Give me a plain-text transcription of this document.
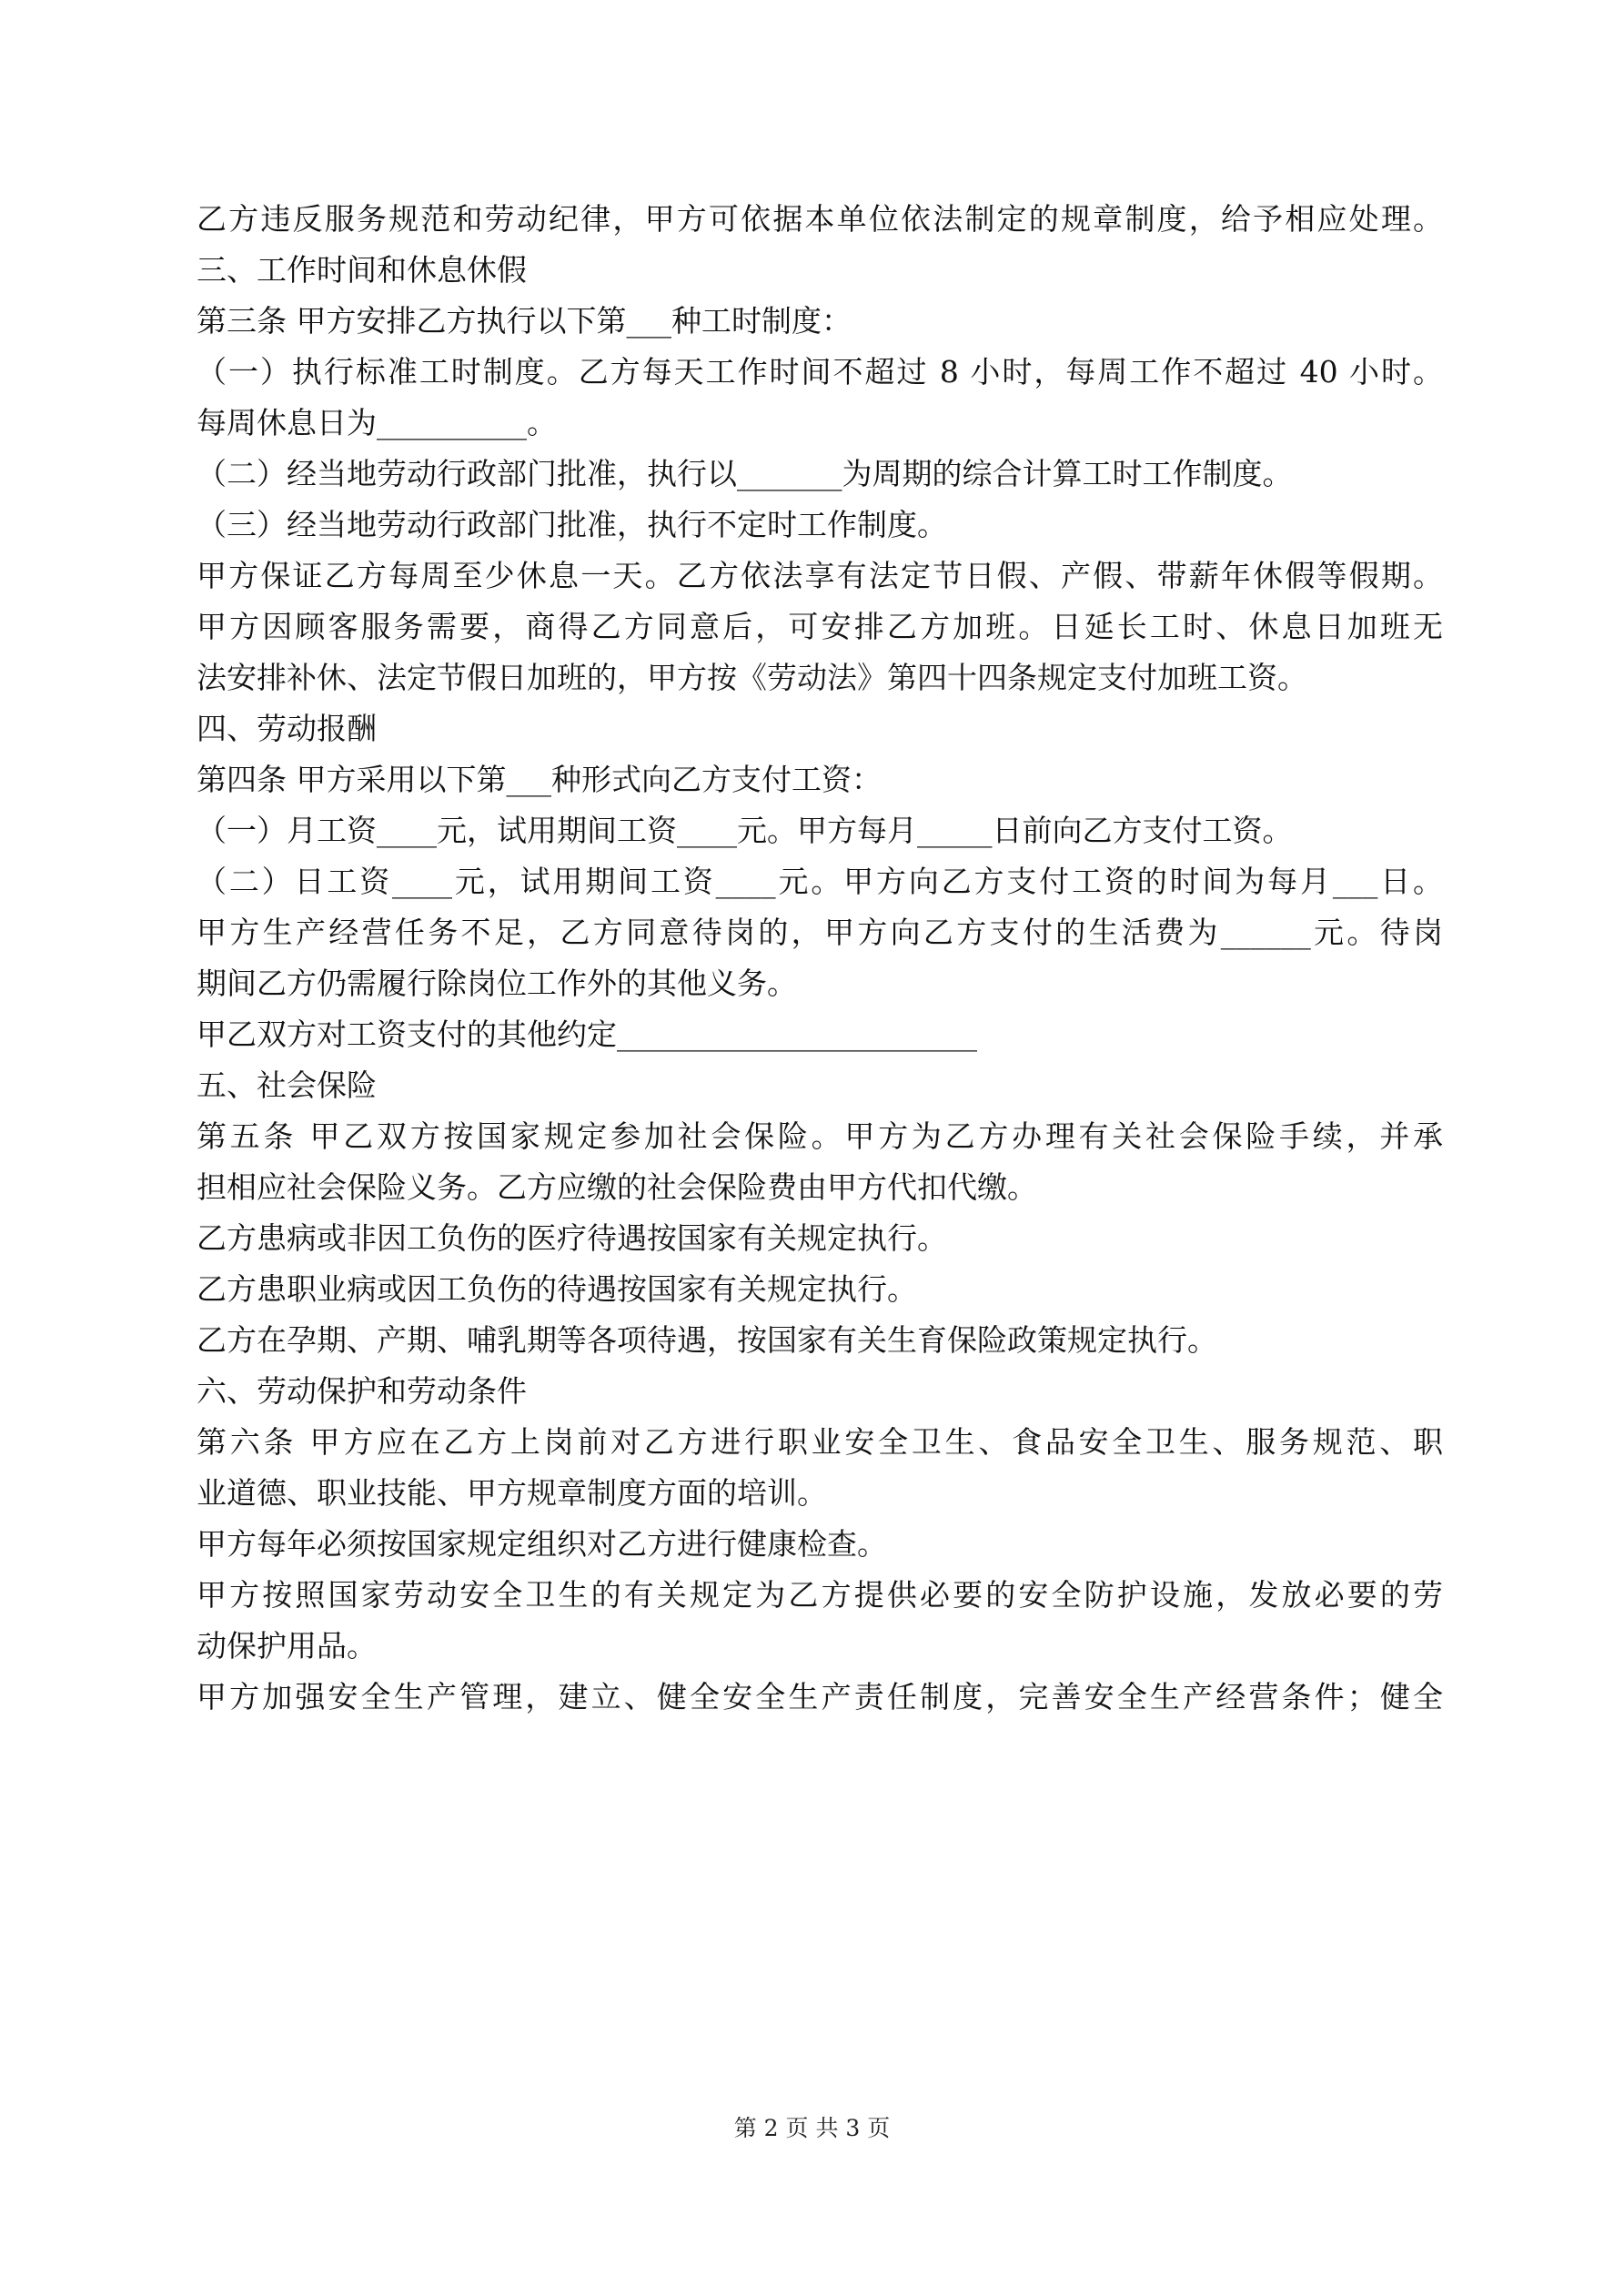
乙方违反服务规范和劳动纪律，甲方可依据本单位依法制定的规章制度，给予相应处理。
三、工作时间和休息休假
第三条 甲方安排乙方执行以下第___种工时制度：
（一）执行标准工时制度。乙方每天工作时间不超过 8 小时，每周工作不超过 40 小时。
每周休息日为__________。
（二）经当地劳动行政部门批准，执行以_______为周期的综合计算工时工作制度。
（三）经当地劳动行政部门批准，执行不定时工作制度。
甲方保证乙方每周至少休息一天。乙方依法享有法定节日假、产假、带薪年休假等假期。
甲方因顾客服务需要，商得乙方同意后，可安排乙方加班。日延长工时、休息日加班无
法安排补休、法定节假日加班的，甲方按《劳动法》第四十四条规定支付加班工资。
四、劳动报酬
第四条 甲方采用以下第___种形式向乙方支付工资：
（一）月工资____元，试用期间工资____元。甲方每月_____日前向乙方支付工资。
（二）日工资____元，试用期间工资____元。甲方向乙方支付工资的时间为每月___日。
甲方生产经营任务不足，乙方同意待岗的，甲方向乙方支付的生活费为______元。待岗
期间乙方仍需履行除岗位工作外的其他义务。
甲乙双方对工资支付的其他约定________________________
五、社会保险
第五条 甲乙双方按国家规定参加社会保险。甲方为乙方办理有关社会保险手续，并承
担相应社会保险义务。乙方应缴的社会保险费由甲方代扣代缴。
乙方患病或非因工负伤的医疗待遇按国家有关规定执行。
乙方患职业病或因工负伤的待遇按国家有关规定执行。
乙方在孕期、产期、哺乳期等各项待遇，按国家有关生育保险政策规定执行。
六、劳动保护和劳动条件
第六条 甲方应在乙方上岗前对乙方进行职业安全卫生、食品安全卫生、服务规范、职
业道德、职业技能、甲方规章制度方面的培训。
甲方每年必须按国家规定组织对乙方进行健康检查。
甲方按照国家劳动安全卫生的有关规定为乙方提供必要的安全防护设施，发放必要的劳
动保护用品。
甲方加强安全生产管理，建立、健全安全生产责任制度，完善安全生产经营条件；健全
第 2 页 共 3 页
